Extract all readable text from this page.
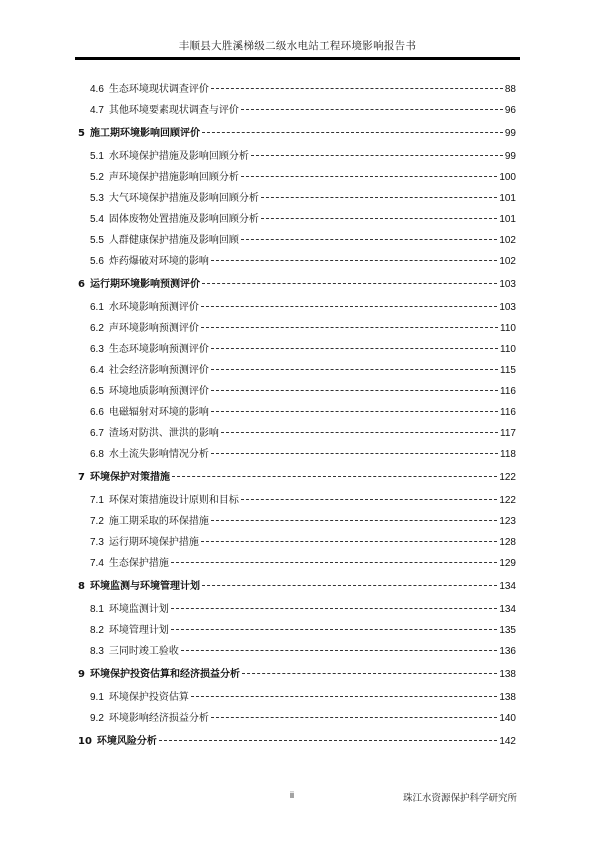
丰顺县大胜溪梯级二级水电站工程环境影响报告书
4.6 生态环境现状调查评价	88
4.7 其他环境要素现状调查与评价	96
5 施工期环境影响回顾评价	99
5.1 水环境保护措施及影响回顾分析	99
5.2 声环境保护措施影响回顾分析	100
5.3 大气环境保护措施及影响回顾分析	101
5.4 固体废物处置措施及影响回顾分析	101
5.5 人群健康保护措施及影响回顾	102
5.6 炸药爆破对环境的影响	102
6 运行期环境影响预测评价	103
6.1 水环境影响预测评价	103
6.2 声环境影响预测评价	110
6.3 生态环境影响预测评价	110
6.4 社会经济影响预测评价	115
6.5 环境地质影响预测评价	116
6.6 电磁辐射对环境的影响	116
6.7 渣场对防洪、泄洪的影响	117
6.8 水土流失影响情况分析	118
7 环境保护对策措施	122
7.1 环保对策措施设计原则和目标	122
7.2 施工期采取的环保措施	123
7.3 运行期环境保护措施	128
7.4 生态保护措施	129
8 环境监测与环境管理计划	134
8.1 环境监测计划	134
8.2 环境管理计划	135
8.3 三同时竣工验收	136
9 环境保护投资估算和经济损益分析	138
9.1 环境保护投资估算	138
9.2 环境影响经济损益分析	140
10 环境风险分析	142
ii	珠江水资源保护科学研究所
